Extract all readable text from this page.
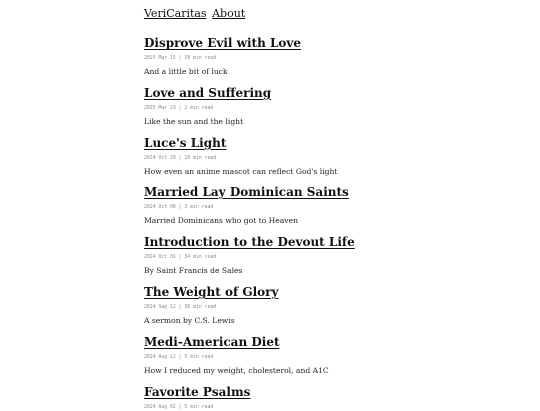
VeriCaritas About
Disprove Evil with Love
2025 Mar 15 | 10 min read
And a little bit of luck
Love and Suffering
2025 Mar 23 | 2 min read
Like the sun and the light
Luce's Light
2024 Oct 29 | 10 min read
How even an anime mascot can reflect God's light
Married Lay Dominican Saints
2024 Oct 08 | 3 min read
Married Dominicans who got to Heaven
Introduction to the Devout Life
2024 Oct 01 | 34 min read
By Saint Francis de Sales
The Weight of Glory
2024 Sep 12 | 36 min read
A sermon by C.S. Lewis
Medi-American Diet
2024 Aug 12 | 5 min read
How I reduced my weight, cholesterol, and A1C
Favorite Psalms
2024 Aug 02 | 5 min read
